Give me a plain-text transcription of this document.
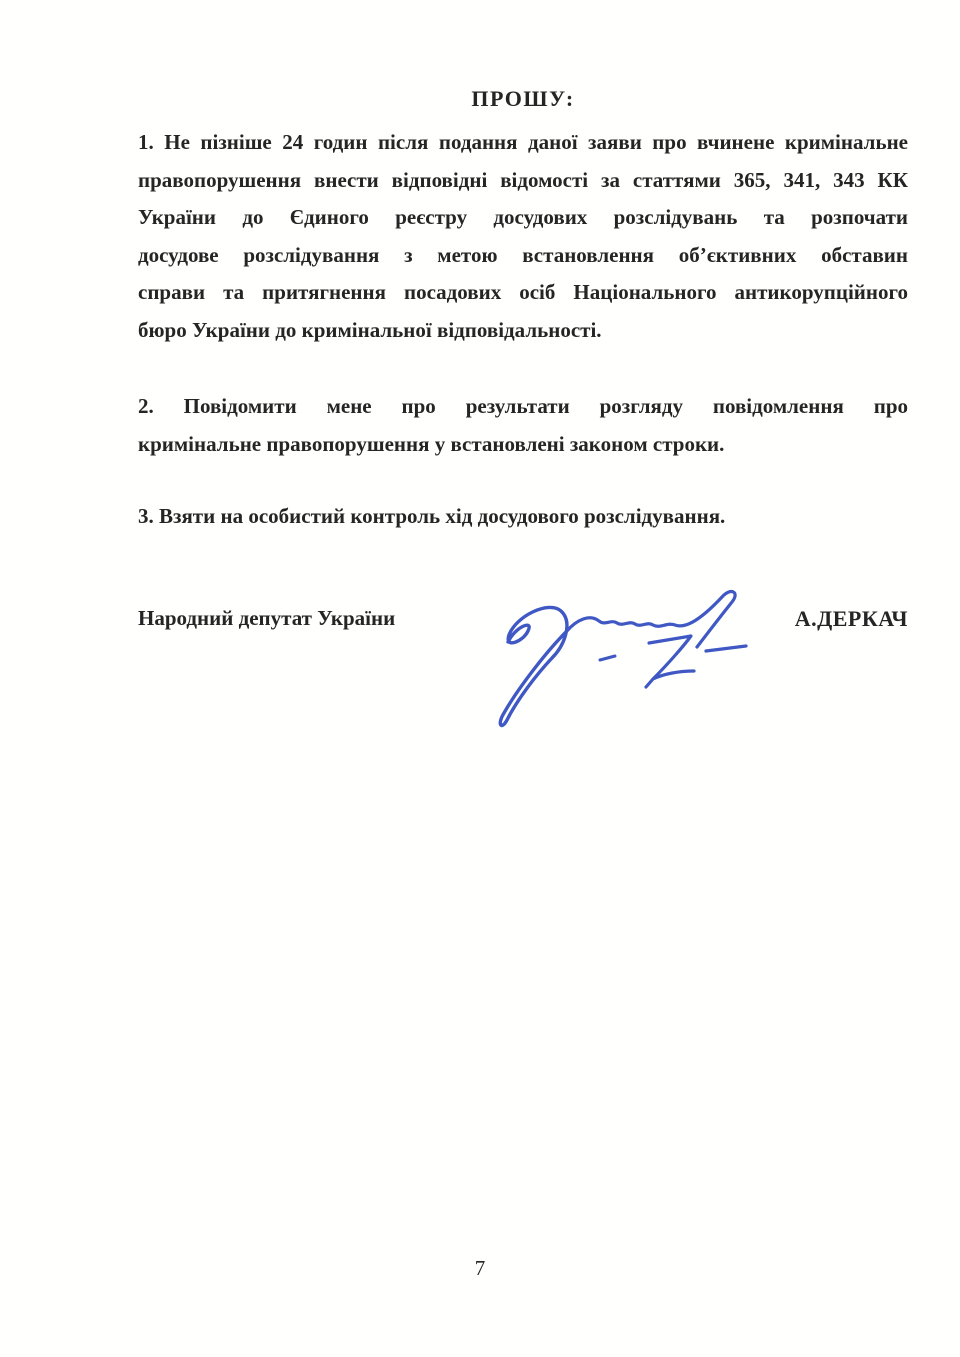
ПРОШУ:
1. Не пізніше 24 годин після подання даної заяви про вчинене кримінальне
правопорушення внести відповідні відомості за статтями 365, 341, 343 КК
України до Єдиного реєстру досудових розслідувань та розпочати
досудове розслідування з метою встановлення об’єктивних обставин
справи та притягнення посадових осіб Національного антикорупційного
бюро України до кримінальної відповідальності.
2. Повідомити мене про результати розгляду повідомлення про
кримінальне правопорушення у встановлені законом строки.
3. Взяти на особистий контроль хід досудового розслідування.
Народний депутат України	А.ДЕРКАЧ
7
